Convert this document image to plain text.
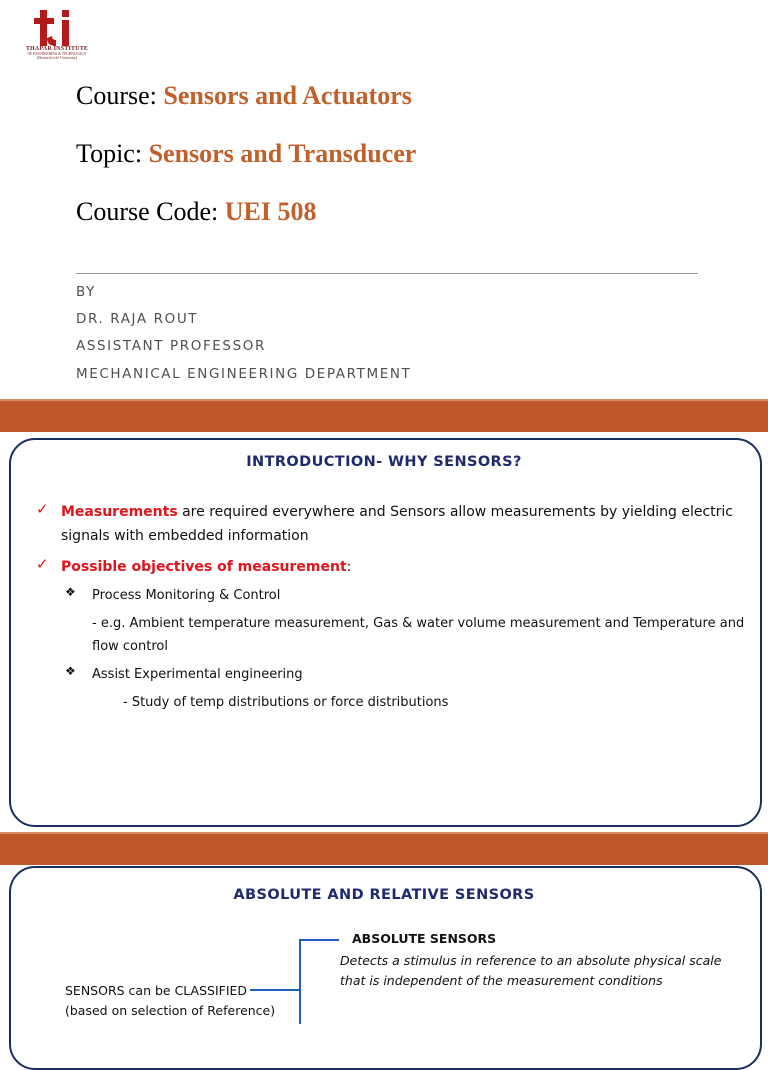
THAPAR INSTITUTE
OF ENGINEERING & TECHNOLOGY
(Deemed to be University)
Course: Sensors and Actuators
Topic: Sensors and Transducer
Course Code: UEI 508
BY
DR. RAJA ROUT
ASSISTANT PROFESSOR
MECHANICAL ENGINEERING DEPARTMENT
INTRODUCTION- WHY SENSORS?
✓ Measurements are required everywhere and Sensors allow measurements by yielding electric signals with embedded information
✓ Possible objectives of measurement:
❖ Process Monitoring & Control
- e.g. Ambient temperature measurement, Gas & water volume measurement and Temperature and flow control
❖ Assist Experimental engineering
- Study of temp distributions or force distributions
ABSOLUTE AND RELATIVE SENSORS
ABSOLUTE SENSORS
Detects a stimulus in reference to an absolute physical scale that is independent of the measurement conditions
SENSORS can be CLASSIFIED
(based on selection of Reference)
